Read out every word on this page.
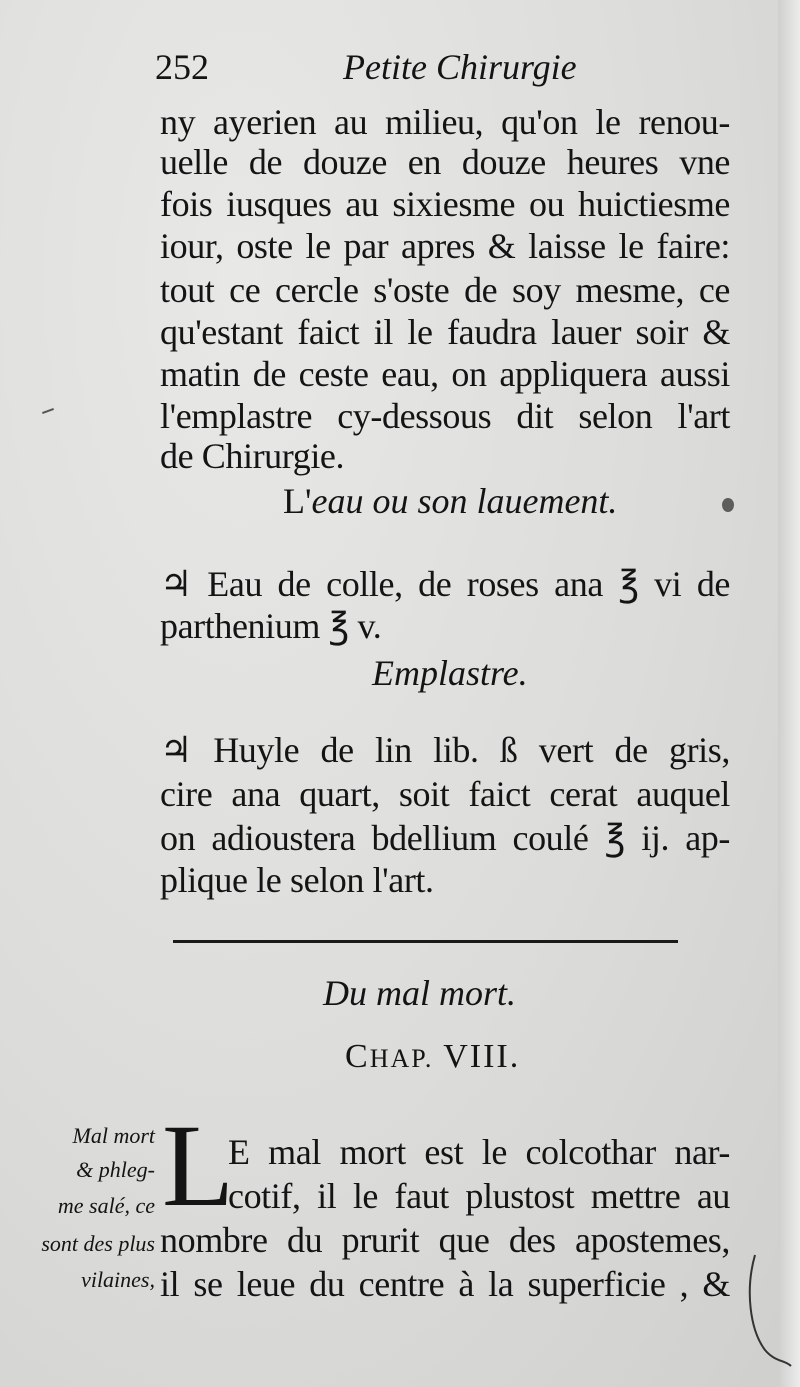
252	Petite Chirurgie
ny ayerien au milieu, qu'on le renou-
uelle de douze en douze heures vne
fois iusques au sixiesme ou huictiesme
iour, oste le par apres & laisse le faire:
tout ce cercle s'oste de soy mesme, ce
qu'estant faict il le faudra lauer soir &
matin de ceste eau, on appliquera aussi
l'emplastre cy-dessous dit selon l'art
de Chirurgie.
L'eau ou son lauement.
♃ Eau de colle, de roses ana ℥ vi de
parthenium ℥ v.
Emplastre.
♃ Huyle de lin lib. ß vert de gris,
cire ana quart, soit faict cerat auquel
on adioustera bdellium coulé ℥ ij. ap-
plique le selon l'art.
Du mal mort.
CHAP. VIII.
L
E mal mort est le colcothar nar-
cotif, il le faut plustost mettre au
nombre du prurit que des apostemes,
il se leue du centre à la superficie , &
Mal mort
& phleg-
me salé, ce
sont des plus
vilaines,
